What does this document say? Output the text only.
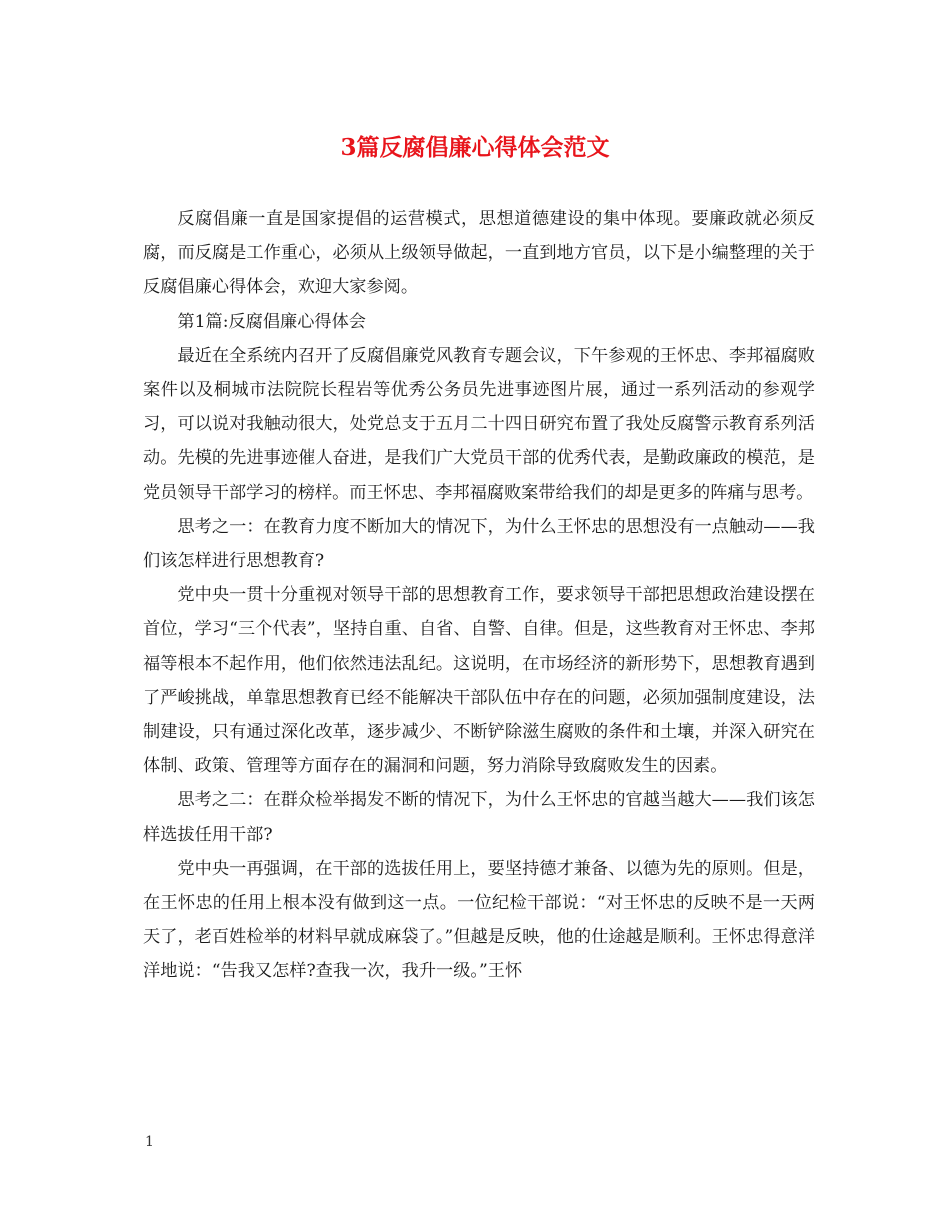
3篇反腐倡廉心得体会范文

反腐倡廉一直是国家提倡的运营模式，思想道德建设的集中体现。要廉政就必须反腐，而反腐是工作重心，必须从上级领导做起，一直到地方官员，以下是小编整理的关于反腐倡廉心得体会，欢迎大家参阅。

第1篇:反腐倡廉心得体会

最近在全系统内召开了反腐倡廉党风教育专题会议，下午参观的王怀忠、李邦福腐败案件以及桐城市法院院长程岩等优秀公务员先进事迹图片展，通过一系列活动的参观学习，可以说对我触动很大，处党总支于五月二十四日研究布置了我处反腐警示教育系列活动。先模的先进事迹催人奋进，是我们广大党员干部的优秀代表，是勤政廉政的模范，是党员领导干部学习的榜样。而王怀忠、李邦福腐败案带给我们的却是更多的阵痛与思考。

思考之一：在教育力度不断加大的情况下，为什么王怀忠的思想没有一点触动——我们该怎样进行思想教育?

党中央一贯十分重视对领导干部的思想教育工作，要求领导干部把思想政治建设摆在首位，学习“三个代表”，坚持自重、自省、自警、自律。但是，这些教育对王怀忠、李邦福等根本不起作用，他们依然违法乱纪。这说明，在市场经济的新形势下，思想教育遇到了严峻挑战，单靠思想教育已经不能解决干部队伍中存在的问题，必须加强制度建设，法制建设，只有通过深化改革，逐步减少、不断铲除滋生腐败的条件和土壤，并深入研究在体制、政策、管理等方面存在的漏洞和问题，努力消除导致腐败发生的因素。

思考之二：在群众检举揭发不断的情况下，为什么王怀忠的官越当越大——我们该怎样选拔任用干部?

党中央一再强调，在干部的选拔任用上，要坚持德才兼备、以德为先的原则。但是，在王怀忠的任用上根本没有做到这一点。一位纪检干部说：“对王怀忠的反映不是一天两天了，老百姓检举的材料早就成麻袋了。”但越是反映，他的仕途越是顺利。王怀忠得意洋洋地说：“告我又怎样?查我一次，我升一级。”王怀

1
